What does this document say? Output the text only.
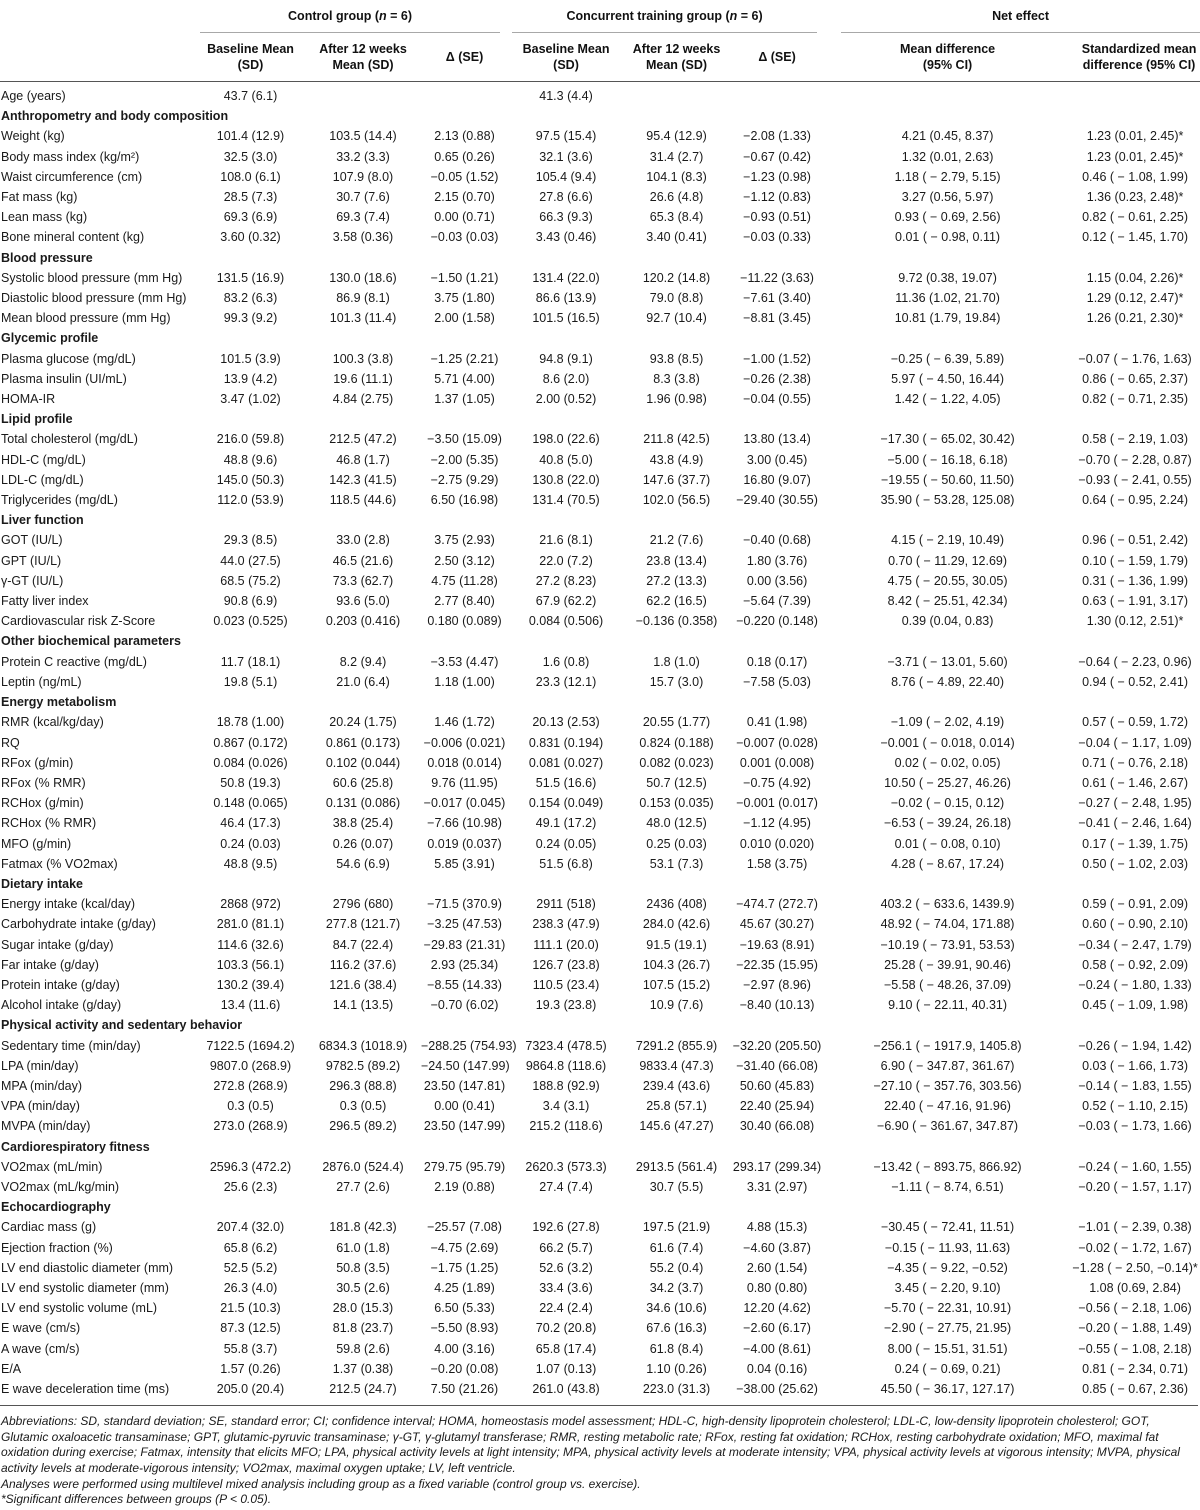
	Control group (n = 6)			Concurrent training group (n = 6)			Net effect	

	Baseline Mean (SD)	After 12 weeks Mean (SD)	Δ (SE)	Baseline Mean (SD)	After 12 weeks Mean (SD)	Δ (SE)	Mean difference (95% CI)	Standardized mean difference (95% CI)

Age (years)	43.7 (6.1)			41.3 (4.4)				
Anthropometry and body composition								
Weight (kg)	101.4 (12.9)	103.5 (14.4)	2.13 (0.88)	97.5 (15.4)	95.4 (12.9)	−2.08 (1.33)	4.21 (0.45, 8.37)	1.23 (0.01, 2.45)*
Body mass index (kg/m²)	32.5 (3.0)	33.2 (3.3)	0.65 (0.26)	32.1 (3.6)	31.4 (2.7)	−0.67 (0.42)	1.32 (0.01, 2.63)	1.23 (0.01, 2.45)*
Waist circumference (cm)	108.0 (6.1)	107.9 (8.0)	−0.05 (1.52)	105.4 (9.4)	104.1 (8.3)	−1.23 (0.98)	1.18 ( − 2.79, 5.15)	0.46 ( − 1.08, 1.99)
Fat mass (kg)	28.5 (7.3)	30.7 (7.6)	2.15 (0.70)	27.8 (6.6)	26.6 (4.8)	−1.12 (0.83)	3.27 (0.56, 5.97)	1.36 (0.23, 2.48)*
Lean mass (kg)	69.3 (6.9)	69.3 (7.4)	0.00 (0.71)	66.3 (9.3)	65.3 (8.4)	−0.93 (0.51)	0.93 ( − 0.69, 2.56)	0.82 ( − 0.61, 2.25)
Bone mineral content (kg)	3.60 (0.32)	3.58 (0.36)	−0.03 (0.03)	3.43 (0.46)	3.40 (0.41)	−0.03 (0.33)	0.01 ( − 0.98, 0.11)	0.12 ( − 1.45, 1.70)
Blood pressure								
Systolic blood pressure (mm Hg)	131.5 (16.9)	130.0 (18.6)	−1.50 (1.21)	131.4 (22.0)	120.2 (14.8)	−11.22 (3.63)	9.72 (0.38, 19.07)	1.15 (0.04, 2.26)*
Diastolic blood pressure (mm Hg)	83.2 (6.3)	86.9 (8.1)	3.75 (1.80)	86.6 (13.9)	79.0 (8.8)	−7.61 (3.40)	11.36 (1.02, 21.70)	1.29 (0.12, 2.47)*
Mean blood pressure (mm Hg)	99.3 (9.2)	101.3 (11.4)	2.00 (1.58)	101.5 (16.5)	92.7 (10.4)	−8.81 (3.45)	10.81 (1.79, 19.84)	1.26 (0.21, 2.30)*
Glycemic profile								
Plasma glucose (mg/dL)	101.5 (3.9)	100.3 (3.8)	−1.25 (2.21)	94.8 (9.1)	93.8 (8.5)	−1.00 (1.52)	−0.25 ( − 6.39, 5.89)	−0.07 ( − 1.76, 1.63)
Plasma insulin (UI/mL)	13.9 (4.2)	19.6 (11.1)	5.71 (4.00)	8.6 (2.0)	8.3 (3.8)	−0.26 (2.38)	5.97 ( − 4.50, 16.44)	0.86 ( − 0.65, 2.37)
HOMA-IR	3.47 (1.02)	4.84 (2.75)	1.37 (1.05)	2.00 (0.52)	1.96 (0.98)	−0.04 (0.55)	1.42 ( − 1.22, 4.05)	0.82 ( − 0.71, 2.35)
Lipid profile								
Total cholesterol (mg/dL)	216.0 (59.8)	212.5 (47.2)	−3.50 (15.09)	198.0 (22.6)	211.8 (42.5)	13.80 (13.4)	−17.30 ( − 65.02, 30.42)	0.58 ( − 2.19, 1.03)
HDL-C (mg/dL)	48.8 (9.6)	46.8 (1.7)	−2.00 (5.35)	40.8 (5.0)	43.8 (4.9)	3.00 (0.45)	−5.00 ( − 16.18, 6.18)	−0.70 ( − 2.28, 0.87)
LDL-C (mg/dL)	145.0 (50.3)	142.3 (41.5)	−2.75 (9.29)	130.8 (22.0)	147.6 (37.7)	16.80 (9.07)	−19.55 ( − 50.60, 11.50)	−0.93 ( − 2.41, 0.55)
Triglycerides (mg/dL)	112.0 (53.9)	118.5 (44.6)	6.50 (16.98)	131.4 (70.5)	102.0 (56.5)	−29.40 (30.55)	35.90 ( − 53.28, 125.08)	0.64 ( − 0.95, 2.24)
Liver function								
GOT (IU/L)	29.3 (8.5)	33.0 (2.8)	3.75 (2.93)	21.6 (8.1)	21.2 (7.6)	−0.40 (0.68)	4.15 ( − 2.19, 10.49)	0.96 ( − 0.51, 2.42)
GPT (IU/L)	44.0 (27.5)	46.5 (21.6)	2.50 (3.12)	22.0 (7.2)	23.8 (13.4)	1.80 (3.76)	0.70 ( − 11.29, 12.69)	0.10 ( − 1.59, 1.79)
γ-GT (IU/L)	68.5 (75.2)	73.3 (62.7)	4.75 (11.28)	27.2 (8.23)	27.2 (13.3)	0.00 (3.56)	4.75 ( − 20.55, 30.05)	0.31 ( − 1.36, 1.99)
Fatty liver index	90.8 (6.9)	93.6 (5.0)	2.77 (8.40)	67.9 (62.2)	62.2 (16.5)	−5.64 (7.39)	8.42 ( − 25.51, 42.34)	0.63 ( − 1.91, 3.17)
Cardiovascular risk Z-Score	0.023 (0.525)	0.203 (0.416)	0.180 (0.089)	0.084 (0.506)	−0.136 (0.358)	−0.220 (0.148)	0.39 (0.04, 0.83)	1.30 (0.12, 2.51)*
Other biochemical parameters								
Protein C reactive (mg/dL)	11.7 (18.1)	8.2 (9.4)	−3.53 (4.47)	1.6 (0.8)	1.8 (1.0)	0.18 (0.17)	−3.71 ( − 13.01, 5.60)	−0.64 ( − 2.23, 0.96)
Leptin (ng/mL)	19.8 (5.1)	21.0 (6.4)	1.18 (1.00)	23.3 (12.1)	15.7 (3.0)	−7.58 (5.03)	8.76 ( − 4.89, 22.40)	0.94 ( − 0.52, 2.41)
Energy metabolism								
RMR (kcal/kg/day)	18.78 (1.00)	20.24 (1.75)	1.46 (1.72)	20.13 (2.53)	20.55 (1.77)	0.41 (1.98)	−1.09 ( − 2.02, 4.19)	0.57 ( − 0.59, 1.72)
RQ	0.867 (0.172)	0.861 (0.173)	−0.006 (0.021)	0.831 (0.194)	0.824 (0.188)	−0.007 (0.028)	−0.001 ( − 0.018, 0.014)	−0.04 ( − 1.17, 1.09)
RFox (g/min)	0.084 (0.026)	0.102 (0.044)	0.018 (0.014)	0.081 (0.027)	0.082 (0.023)	0.001 (0.008)	0.02 ( − 0.02, 0.05)	0.71 ( − 0.76, 2.18)
RFox (% RMR)	50.8 (19.3)	60.6 (25.8)	9.76 (11.95)	51.5 (16.6)	50.7 (12.5)	−0.75 (4.92)	10.50 ( − 25.27, 46.26)	0.61 ( − 1.46, 2.67)
RCHox (g/min)	0.148 (0.065)	0.131 (0.086)	−0.017 (0.045)	0.154 (0.049)	0.153 (0.035)	−0.001 (0.017)	−0.02 ( − 0.15, 0.12)	−0.27 ( − 2.48, 1.95)
RCHox (% RMR)	46.4 (17.3)	38.8 (25.4)	−7.66 (10.98)	49.1 (17.2)	48.0 (12.5)	−1.12 (4.95)	−6.53 ( − 39.24, 26.18)	−0.41 ( − 2.46, 1.64)
MFO (g/min)	0.24 (0.03)	0.26 (0.07)	0.019 (0.037)	0.24 (0.05)	0.25 (0.03)	0.010 (0.020)	0.01 ( − 0.08, 0.10)	0.17 ( − 1.39, 1.75)
Fatmax (% VO2max)	48.8 (9.5)	54.6 (6.9)	5.85 (3.91)	51.5 (6.8)	53.1 (7.3)	1.58 (3.75)	4.28 ( − 8.67, 17.24)	0.50 ( − 1.02, 2.03)
Dietary intake								
Energy intake (kcal/day)	2868 (972)	2796 (680)	−71.5 (370.9)	2911 (518)	2436 (408)	−474.7 (272.7)	403.2 ( − 633.6, 1439.9)	0.59 ( − 0.91, 2.09)
Carbohydrate intake (g/day)	281.0 (81.1)	277.8 (121.7)	−3.25 (47.53)	238.3 (47.9)	284.0 (42.6)	45.67 (30.27)	48.92 ( − 74.04, 171.88)	0.60 ( − 0.90, 2.10)
Sugar intake (g/day)	114.6 (32.6)	84.7 (22.4)	−29.83 (21.31)	111.1 (20.0)	91.5 (19.1)	−19.63 (8.91)	−10.19 ( − 73.91, 53.53)	−0.34 ( − 2.47, 1.79)
Far intake (g/day)	103.3 (56.1)	116.2 (37.6)	2.93 (25.34)	126.7 (23.8)	104.3 (26.7)	−22.35 (15.95)	25.28 ( − 39.91, 90.46)	0.58 ( − 0.92, 2.09)
Protein intake (g/day)	130.2 (39.4)	121.6 (38.4)	−8.55 (14.33)	110.5 (23.4)	107.5 (15.2)	−2.97 (8.96)	−5.58 ( − 48.26, 37.09)	−0.24 ( − 1.80, 1.33)
Alcohol intake (g/day)	13.4 (11.6)	14.1 (13.5)	−0.70 (6.02)	19.3 (23.8)	10.9 (7.6)	−8.40 (10.13)	9.10 ( − 22.11, 40.31)	0.45 ( − 1.09, 1.98)
Physical activity and sedentary behavior								
Sedentary time (min/day)	7122.5 (1694.2)	6834.3 (1018.9)	−288.25 (754.93)	7323.4 (478.5)	7291.2 (855.9)	−32.20 (205.50)	−256.1 ( − 1917.9, 1405.8)	−0.26 ( − 1.94, 1.42)
LPA (min/day)	9807.0 (268.9)	9782.5 (89.2)	−24.50 (147.99)	9864.8 (118.6)	9833.4 (47.3)	−31.40 (66.08)	6.90 ( − 347.87, 361.67)	0.03 ( − 1.66, 1.73)
MPA (min/day)	272.8 (268.9)	296.3 (88.8)	23.50 (147.81)	188.8 (92.9)	239.4 (43.6)	50.60 (45.83)	−27.10 ( − 357.76, 303.56)	−0.14 ( − 1.83, 1.55)
VPA (min/day)	0.3 (0.5)	0.3 (0.5)	0.00 (0.41)	3.4 (3.1)	25.8 (57.1)	22.40 (25.94)	22.40 ( − 47.16, 91.96)	0.52 ( − 1.10, 2.15)
MVPA (min/day)	273.0 (268.9)	296.5 (89.2)	23.50 (147.99)	215.2 (118.6)	145.6 (47.27)	30.40 (66.08)	−6.90 ( − 361.67, 347.87)	−0.03 ( − 1.73, 1.66)
Cardiorespiratory fitness								
VO2max (mL/min)	2596.3 (472.2)	2876.0 (524.4)	279.75 (95.79)	2620.3 (573.3)	2913.5 (561.4)	293.17 (299.34)	−13.42 ( − 893.75, 866.92)	−0.24 ( − 1.60, 1.55)
VO2max (mL/kg/min)	25.6 (2.3)	27.7 (2.6)	2.19 (0.88)	27.4 (7.4)	30.7 (5.5)	3.31 (2.97)	−1.11 ( − 8.74, 6.51)	−0.20 ( − 1.57, 1.17)
Echocardiography								
Cardiac mass (g)	207.4 (32.0)	181.8 (42.3)	−25.57 (7.08)	192.6 (27.8)	197.5 (21.9)	4.88 (15.3)	−30.45 ( − 72.41, 11.51)	−1.01 ( − 2.39, 0.38)
Ejection fraction (%)	65.8 (6.2)	61.0 (1.8)	−4.75 (2.69)	66.2 (5.7)	61.6 (7.4)	−4.60 (3.87)	−0.15 ( − 11.93, 11.63)	−0.02 ( − 1.72, 1.67)
LV end diastolic diameter (mm)	52.5 (5.2)	50.8 (3.5)	−1.75 (1.25)	52.6 (3.2)	55.2 (0.4)	2.60 (1.54)	−4.35 ( − 9.22, −0.52)	−1.28 ( − 2.50, −0.14)*
LV end systolic diameter (mm)	26.3 (4.0)	30.5 (2.6)	4.25 (1.89)	33.4 (3.6)	34.2 (3.7)	0.80 (0.80)	3.45 ( − 2.20, 9.10)	1.08 (0.69, 2.84)
LV end systolic volume (mL)	21.5 (10.3)	28.0 (15.3)	6.50 (5.33)	22.4 (2.4)	34.6 (10.6)	12.20 (4.62)	−5.70 ( − 22.31, 10.91)	−0.56 ( − 2.18, 1.06)
E wave (cm/s)	87.3 (12.5)	81.8 (23.7)	−5.50 (8.93)	70.2 (20.8)	67.6 (16.3)	−2.60 (6.17)	−2.90 ( − 27.75, 21.95)	−0.20 ( − 1.88, 1.49)
A wave (cm/s)	55.8 (3.7)	59.8 (2.6)	4.00 (3.16)	65.8 (17.4)	61.8 (8.4)	−4.00 (8.61)	8.00 ( − 15.51, 31.51)	−0.55 ( − 1.08, 2.18)
E/A	1.57 (0.26)	1.37 (0.38)	−0.20 (0.08)	1.07 (0.13)	1.10 (0.26)	0.04 (0.16)	0.24 ( − 0.69, 0.21)	0.81 ( − 2.34, 0.71)
E wave deceleration time (ms)	205.0 (20.4)	212.5 (24.7)	7.50 (21.26)	261.0 (43.8)	223.0 (31.3)	−38.00 (25.62)	45.50 ( − 36.17, 127.17)	0.85 ( − 0.67, 2.36)
Abbreviations: SD, standard deviation; SE, standard error; CI; confidence interval; HOMA, homeostasis model assessment; HDL-C, high-density lipoprotein cholesterol; LDL-C, low-density lipoprotein cholesterol; GOT, Glutamic oxaloacetic transaminase; GPT, glutamic-pyruvic transaminase; γ-GT, γ-glutamyl transferase; RMR, resting metabolic rate; RFox, resting fat oxidation; RCHox, resting carbohydrate oxidation; MFO, maximal fat oxidation during exercise; Fatmax, intensity that elicits MFO; LPA, physical activity levels at light intensity; MPA, physical activity levels at moderate intensity; VPA, physical activity levels at vigorous intensity; MVPA, physical activity levels at moderate-vigorous intensity; VO2max, maximal oxygen uptake; LV, left ventricle.
Analyses were performed using multilevel mixed analysis including group as a fixed variable (control group vs. exercise).
*Significant differences between groups (P < 0.05).
